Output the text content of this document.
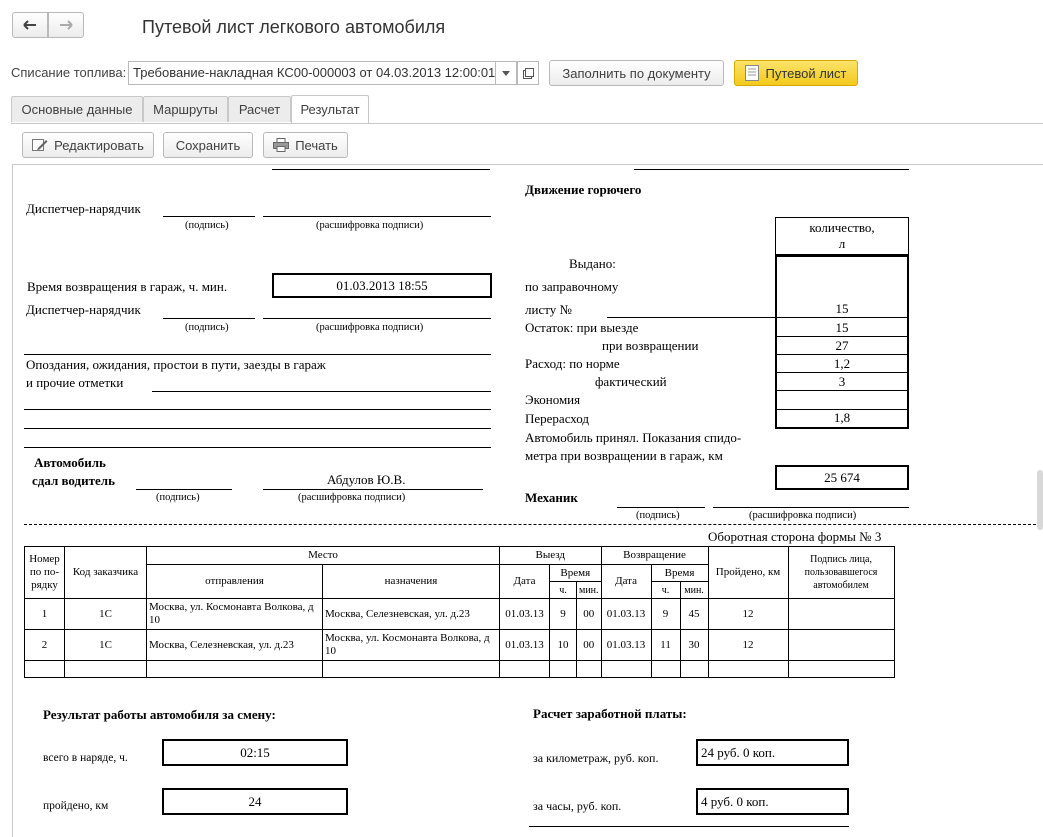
Путевой лист легкового автомобиля
Списание топлива: Требование-накладная КС00-000003 от 04.03.2013 12:00:01	Заполнить по документу	Путевой лист
Основные данные Маршруты Расчет Результат
Редактировать Сохранить	Печать
Диспетчер-нарядчик
(подпись)	(расшифровка подписи)
Время возвращения в гараж, ч. мин.	01.03.2013 18:55
Диспетчер-нарядчик
(подпись)	(расшифровка подписи)
Опоздания, ожидания, простои в пути, заезды в гараж
и прочие отметки
Автомобиль
сдал водитель	Абдулов Ю.В.
(подпись)	(расшифровка подписи)
Движение горючего
количество,
л
Выдано:
по заправочному
листу №	15
Остаток: при выезде	15
при возвращении	27
Расход: по норме	1,2
фактический	3
Экономия
Перерасход	1,8
Автомобиль принял. Показания спидо-
метра при возвращении в гараж, км
25 674
Механик
(подпись)	(расшифровка подписи)
Оборотная сторона формы № 3
Номер по по- рядку	Код заказчика	Место		Выезд			Возвращение			Пройдено, км	Подпись лица, пользовавшегося автомобилем
		отправления	назначения	Дата	Время		Дата	Время			
					ч.	мин.		ч.	мин.		
1	1С	Москва, ул. Космонавта Волкова, д 10	Москва, Селезневская, ул. д.23	01.03.13	9	00	01.03.13	9	45	12	
2	1С	Москва, Селезневская, ул. д.23	Москва, ул. Космонавта Волкова, д 10	01.03.13	10	00	01.03.13	11	30	12	

Результат работы автомобиля за смену:
всего в наряде, ч.	02:15
пройдено, км	24
Расчет заработной платы:
за километраж, руб. коп.	24 руб. 0 коп.
за часы, руб. коп.	4 руб. 0 коп.
